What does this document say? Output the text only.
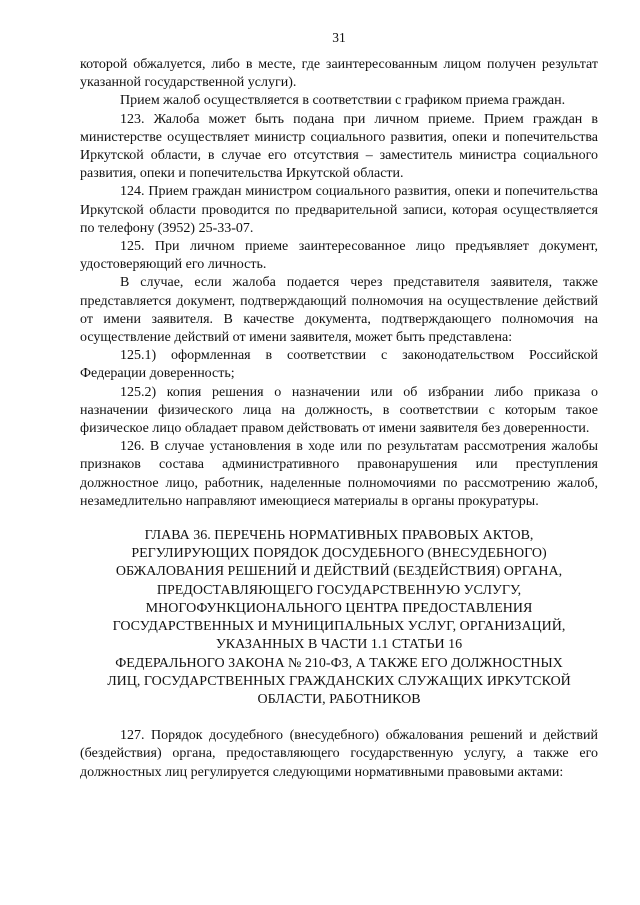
31

которой обжалуется, либо в месте, где заинтересованным лицом получен результат указанной государственной услуги).

Прием жалоб осуществляется в соответствии с графиком приема граждан.

123. Жалоба может быть подана при личном приеме. Прием граждан в министерстве осуществляет министр социального развития, опеки и попечительства Иркутской области, в случае его отсутствия – заместитель министра социального развития, опеки и попечительства Иркутской области.

124. Прием граждан министром социального развития, опеки и попечительства Иркутской области проводится по предварительной записи, которая осуществляется по телефону (3952) 25-33-07.

125. При личном приеме заинтересованное лицо предъявляет документ, удостоверяющий его личность.

В случае, если жалоба подается через представителя заявителя, также представляется документ, подтверждающий полномочия на осуществление действий от имени заявителя. В качестве документа, подтверждающего полномочия на осуществление действий от имени заявителя, может быть представлена:

125.1) оформленная в соответствии с законодательством Российской Федерации доверенность;

125.2) копия решения о назначении или об избрании либо приказа о назначении физического лица на должность, в соответствии с которым такое физическое лицо обладает правом действовать от имени заявителя без доверенности.

126. В случае установления в ходе или по результатам рассмотрения жалобы признаков состава административного правонарушения или преступления должностное лицо, работник, наделенные полномочиями по рассмотрению жалоб, незамедлительно направляют имеющиеся материалы в органы прокуратуры.

ГЛАВА 36. ПЕРЕЧЕНЬ НОРМАТИВНЫХ ПРАВОВЫХ АКТОВ,
РЕГУЛИРУЮЩИХ ПОРЯДОК ДОСУДЕБНОГО (ВНЕСУДЕБНОГО)
ОБЖАЛОВАНИЯ РЕШЕНИЙ И ДЕЙСТВИЙ (БЕЗДЕЙСТВИЯ) ОРГАНА,
ПРЕДОСТАВЛЯЮЩЕГО ГОСУДАРСТВЕННУЮ УСЛУГУ,
МНОГОФУНКЦИОНАЛЬНОГО ЦЕНТРА ПРЕДОСТАВЛЕНИЯ
ГОСУДАРСТВЕННЫХ И МУНИЦИПАЛЬНЫХ УСЛУГ, ОРГАНИЗАЦИЙ,
УКАЗАННЫХ В ЧАСТИ 1.1 СТАТЬИ 16
ФЕДЕРАЛЬНОГО ЗАКОНА № 210-ФЗ, А ТАКЖЕ ЕГО ДОЛЖНОСТНЫХ
ЛИЦ, ГОСУДАРСТВЕННЫХ ГРАЖДАНСКИХ СЛУЖАЩИХ ИРКУТСКОЙ
ОБЛАСТИ, РАБОТНИКОВ

127. Порядок досудебного (внесудебного) обжалования решений и действий (бездействия) органа, предоставляющего государственную услугу, а также его должностных лиц регулируется следующими нормативными правовыми актами:
